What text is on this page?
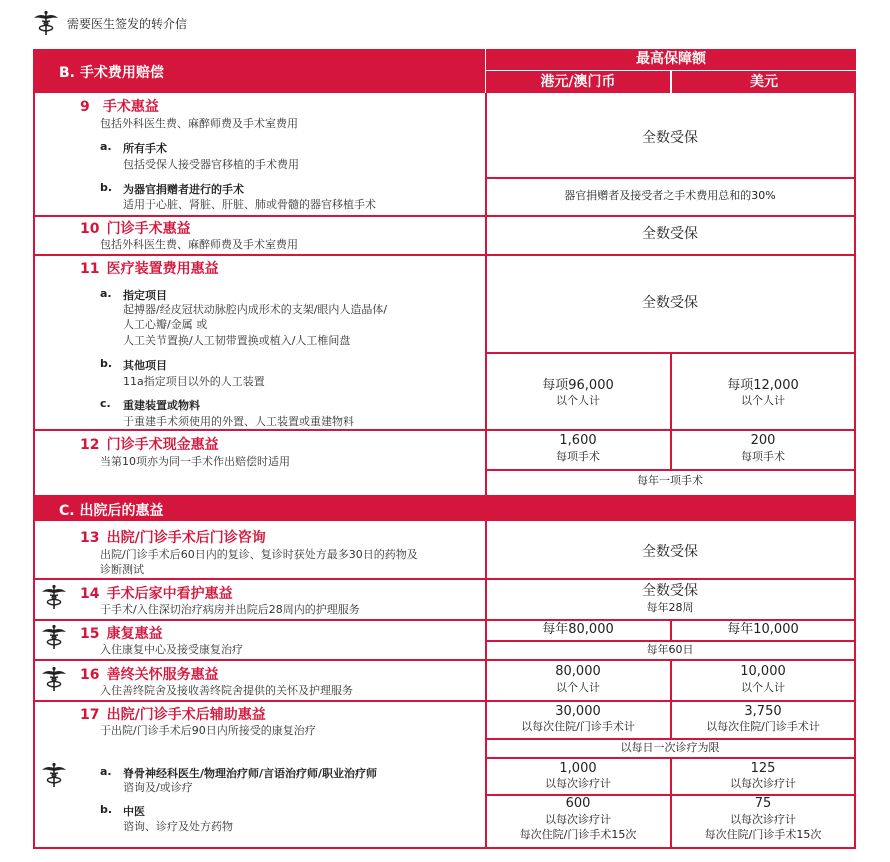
需要医生签发的转介信
B. 手术费用赔偿
最高保障额
港元/澳门币	美元
9 手术惠益
包括外科医生费、麻醉师费及手术室费用
a. 所有手术
包括受保人接受器官移植的手术费用
b. 为器官捐赠者进行的手术
适用于心脏、肾脏、肝脏、肺或骨髓的器官移植手术
全数受保
器官捐赠者及接受者之手术费用总和的30%
10 门诊手术惠益
包括外科医生费、麻醉师费及手术室费用
全数受保
11 医疗装置费用惠益
a. 指定项目
起搏器/经皮冠状动脉腔内成形术的支架/眼内人造晶体/
人工心瓣/金属 或
人工关节置换/人工韧带置换或植入/人工椎间盘
全数受保
b. 其他项目
11a指定项目以外的人工装置
c. 重建装置或物料
于重建手术须使用的外置、人工装置或重建物料
每项96,000
以个人计
每项12,000
以个人计
12 门诊手术现金惠益
当第10项亦为同一手术作出赔偿时适用
1,600
每项手术
200
每项手术
每年一项手术
C. 出院后的惠益
13 出院/门诊手术后门诊咨询
出院/门诊手术后60日内的复诊、复诊时获处方最多30日的药物及
诊断测试
全数受保
14 手术后家中看护惠益
于手术/入住深切治疗病房并出院后28周内的护理服务
全数受保
每年28周
15 康复惠益
入住康复中心及接受康复治疗
每年80,000	每年10,000
每年60日
16 善终关怀服务惠益
入住善终院舍及接收善终院舍提供的关怀及护理服务
80,000
以个人计
10,000
以个人计
17 出院/门诊手术后辅助惠益
于出院/门诊手术后90日内所接受的康复治疗
30,000
以每次住院/门诊手术计
3,750
以每次住院/门诊手术计
以每日一次诊疗为限
a. 脊骨神经科医生/物理治疗师/言语治疗师/职业治疗师
谘询及/或诊疗
1,000
以每次诊疗计
125
以每次诊疗计
b. 中医
谘询、诊疗及处方药物
600
以每次诊疗计
每次住院/门诊手术15次
75
以每次诊疗计
每次住院/门诊手术15次
